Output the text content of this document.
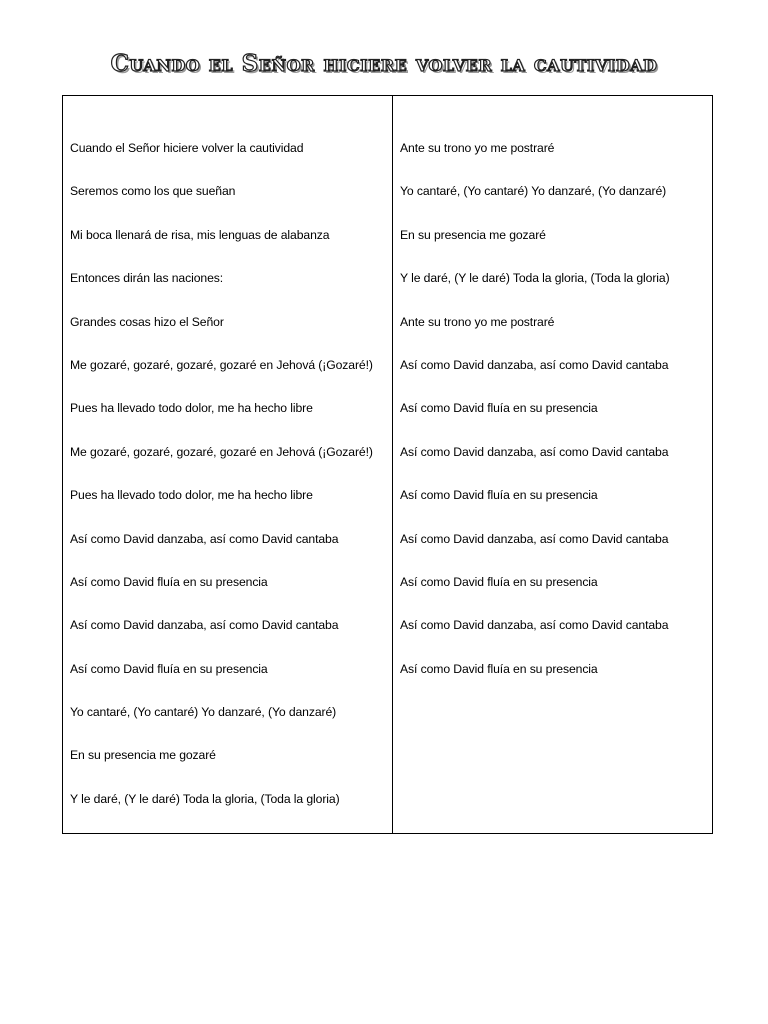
Cuando el Señor hiciere volver la cautividad
Cuando el Señor hiciere volver la cautividad
Seremos como los que sueñan
Mi boca llenará de risa, mis lenguas de alabanza
Entonces dirán las naciones:
Grandes cosas hizo el Señor
Me gozaré, gozaré, gozaré, gozaré en Jehová (¡Gozaré!)
Pues ha llevado todo dolor, me ha hecho libre
Me gozaré, gozaré, gozaré, gozaré en Jehová (¡Gozaré!)
Pues ha llevado todo dolor, me ha hecho libre
Así como David danzaba, así como David cantaba
Así como David fluía en su presencia
Así como David danzaba, así como David cantaba
Así como David fluía en su presencia
Yo cantaré, (Yo cantaré) Yo danzaré, (Yo danzaré)
En su presencia me gozaré
Y le daré, (Y le daré) Toda la gloria, (Toda la gloria)
Ante su trono yo me postraré
Yo cantaré, (Yo cantaré) Yo danzaré, (Yo danzaré)
En su presencia me gozaré
Y le daré, (Y le daré) Toda la gloria, (Toda la gloria)
Ante su trono yo me postraré
Así como David danzaba, así como David cantaba
Así como David fluía en su presencia
Así como David danzaba, así como David cantaba
Así como David fluía en su presencia
Así como David danzaba, así como David cantaba
Así como David fluía en su presencia
Así como David danzaba, así como David cantaba
Así como David fluía en su presencia
